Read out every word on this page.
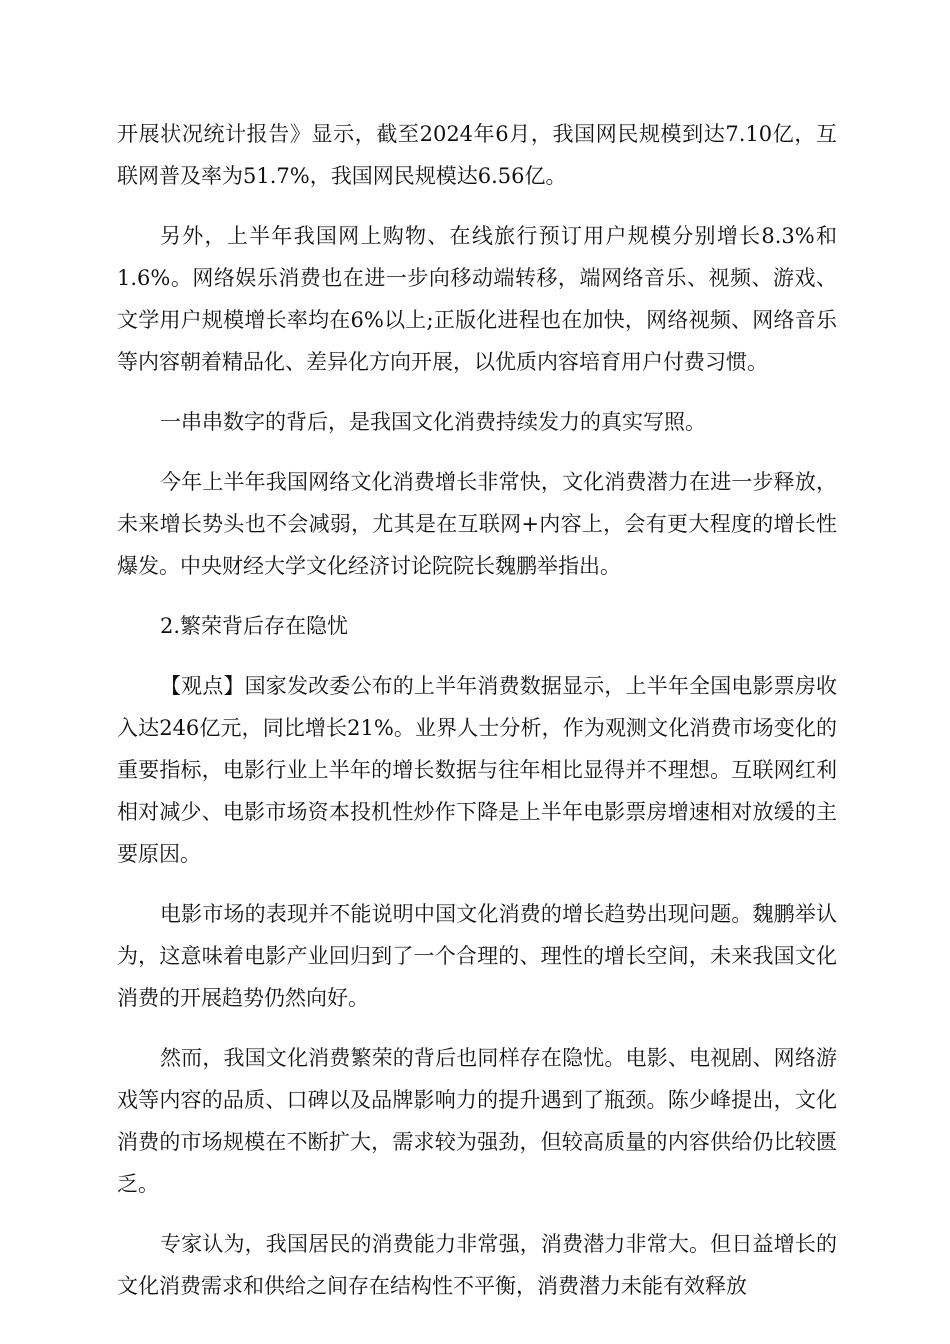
开展状况统计报告》显示，截至2024年6月，我国网民规模到达7.10亿，互联网普及率为51.7%，我国网民规模达6.56亿。

另外，上半年我国网上购物、在线旅行预订用户规模分别增长8.3%和1.6%。网络娱乐消费也在进一步向移动端转移，端网络音乐、视频、游戏、文学用户规模增长率均在6%以上;正版化进程也在加快，网络视频、网络音乐等内容朝着精品化、差异化方向开展，以优质内容培育用户付费习惯。

一串串数字的背后，是我国文化消费持续发力的真实写照。

今年上半年我国网络文化消费增长非常快，文化消费潜力在进一步释放，未来增长势头也不会减弱，尤其是在互联网+内容上，会有更大程度的增长性爆发。中央财经大学文化经济讨论院院长魏鹏举指出。

2.繁荣背后存在隐忧

【观点】国家发改委公布的上半年消费数据显示，上半年全国电影票房收入达246亿元，同比增长21%。业界人士分析，作为观测文化消费市场变化的重要指标，电影行业上半年的增长数据与往年相比显得并不理想。互联网红利相对减少、电影市场资本投机性炒作下降是上半年电影票房增速相对放缓的主要原因。

电影市场的表现并不能说明中国文化消费的增长趋势出现问题。魏鹏举认为，这意味着电影产业回归到了一个合理的、理性的增长空间，未来我国文化消费的开展趋势仍然向好。

然而，我国文化消费繁荣的背后也同样存在隐忧。电影、电视剧、网络游戏等内容的品质、口碑以及品牌影响力的提升遇到了瓶颈。陈少峰提出，文化消费的市场规模在不断扩大，需求较为强劲，但较高质量的内容供给仍比较匮乏。

专家认为，我国居民的消费能力非常强，消费潜力非常大。但日益增长的文化消费需求和供给之间存在结构性不平衡，消费潜力未能有效释放
